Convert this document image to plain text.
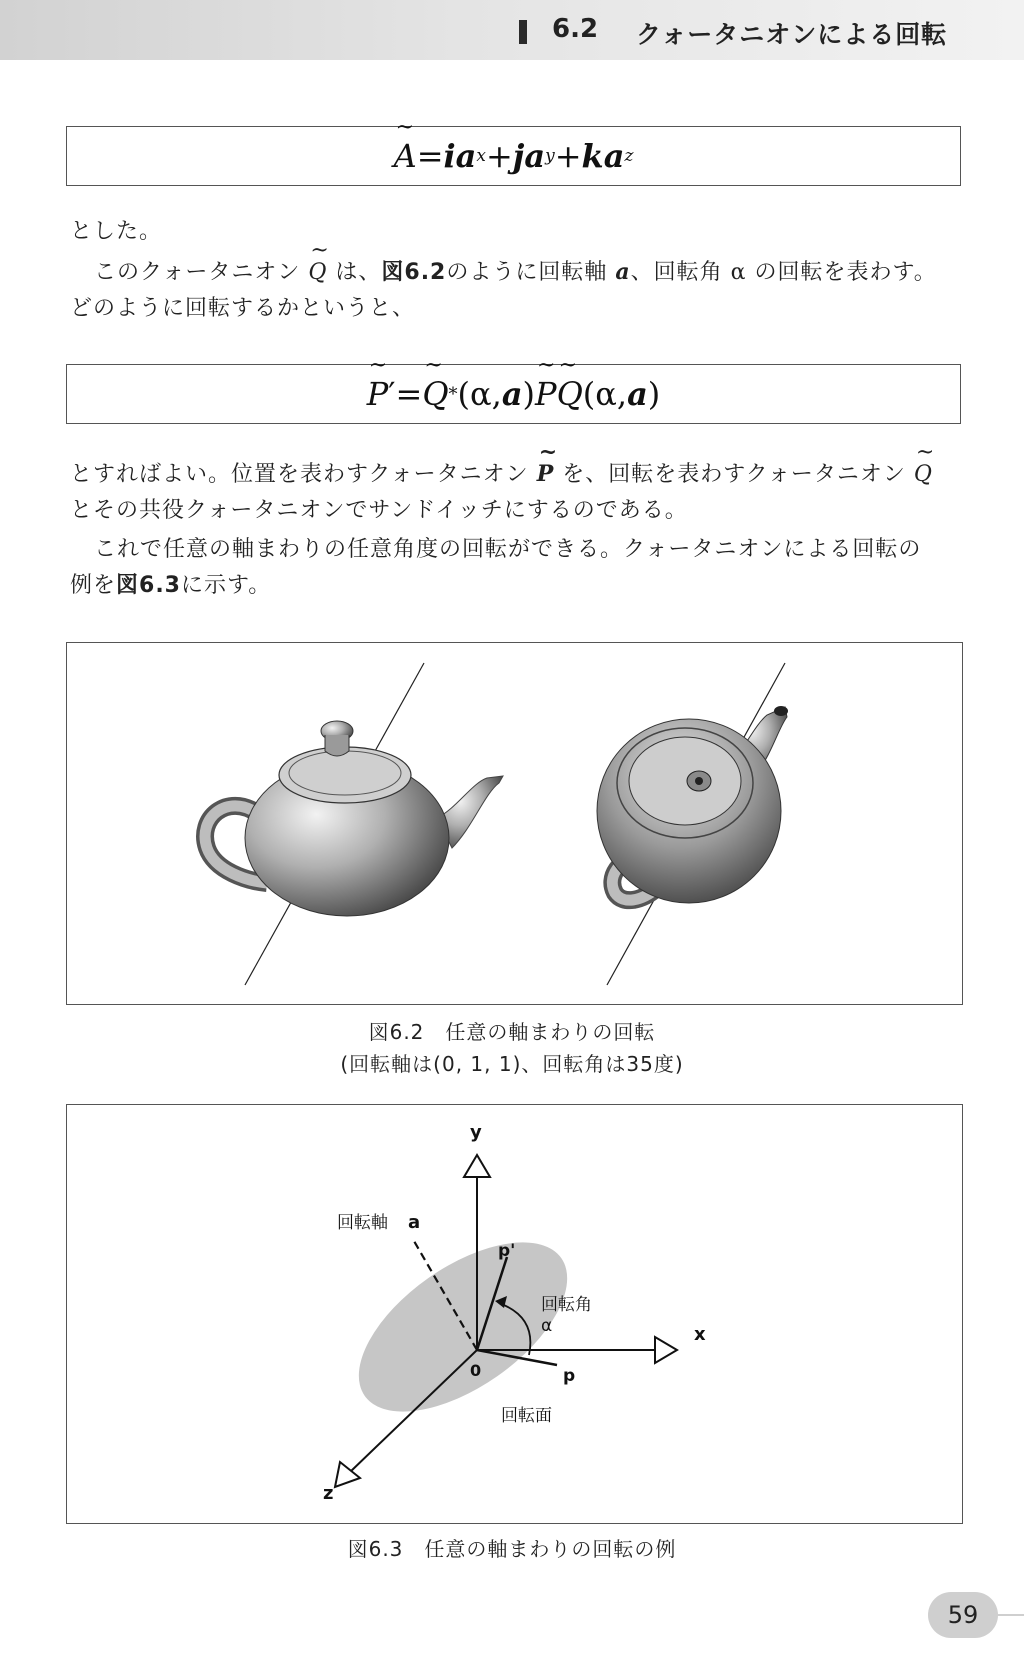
6.2 クォータニオンによる回転
~ A = ia x + ja y + ka z
とした。
このクォータニオン ~ Q は、図6.2のように回転軸 a、回転角 α の回転を表わす。
どのように回転するかというと、
~ P ′ = ~ Q * (α, a ) ~ P ~ Q (α, a )
とすればよい。位置を表わすクォータニオン ~ P を、回転を表わすクォータニオン ~ Q
とその共役クォータニオンでサンドイッチにするのである。
これで任意の軸まわりの任意角度の回転ができる。クォータニオンによる回転の
例を図6.3に示す。
図6.2　任意の軸まわりの回転
(回転軸は(0, 1, 1)、回転角は35度)
y
x
z
0
回転軸 a
p'
p
回転角
α
回転面
図6.3　任意の軸まわりの回転の例
59
